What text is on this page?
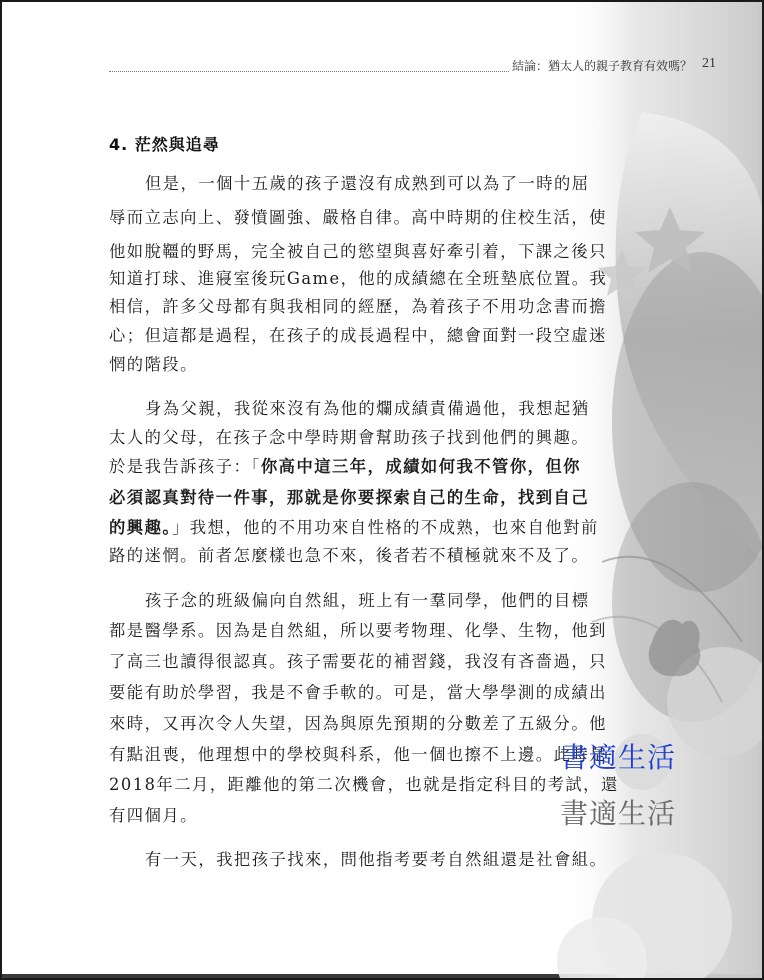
結論：猶太人的親子教育有效嗎？ 21
4. 茫然與追尋
但是，一個十五歲的孩子還沒有成熟到可以為了一時的屈
辱而立志向上、發憤圖強、嚴格自律。高中時期的住校生活，使
他如脫韁的野馬，完全被自己的慾望與喜好牽引着，下課之後只
知道打球、進寢室後玩Game，他的成績總在全班墊底位置。我
相信，許多父母都有與我相同的經歷，為着孩子不用功念書而擔
心；但這都是過程，在孩子的成長過程中，總會面對一段空虛迷
惘的階段。
身為父親，我從來沒有為他的爛成績責備過他，我想起猶
太人的父母，在孩子念中學時期會幫助孩子找到他們的興趣。
於是我告訴孩子：「你高中這三年，成績如何我不管你，但你
必須認真對待一件事，那就是你要探索自己的生命，找到自己
的興趣。」我想，他的不用功來自性格的不成熟，也來自他對前
路的迷惘。前者怎麼樣也急不來，後者若不積極就來不及了。
孩子念的班級偏向自然組，班上有一羣同學，他們的目標
都是醫學系。因為是自然組，所以要考物理、化學、生物，他到
了高三也讀得很認真。孩子需要花的補習錢，我沒有吝嗇過，只
要能有助於學習，我是不會手軟的。可是，當大學學測的成績出
來時，又再次令人失望，因為與原先預期的分數差了五級分。他
有點沮喪，他理想中的學校與科系，他一個也擦不上邊。此時是
2018年二月，距離他的第二次機會，也就是指定科目的考試，還
有四個月。
有一天，我把孩子找來，問他指考要考自然組還是社會組。
書適生活
書適生活
